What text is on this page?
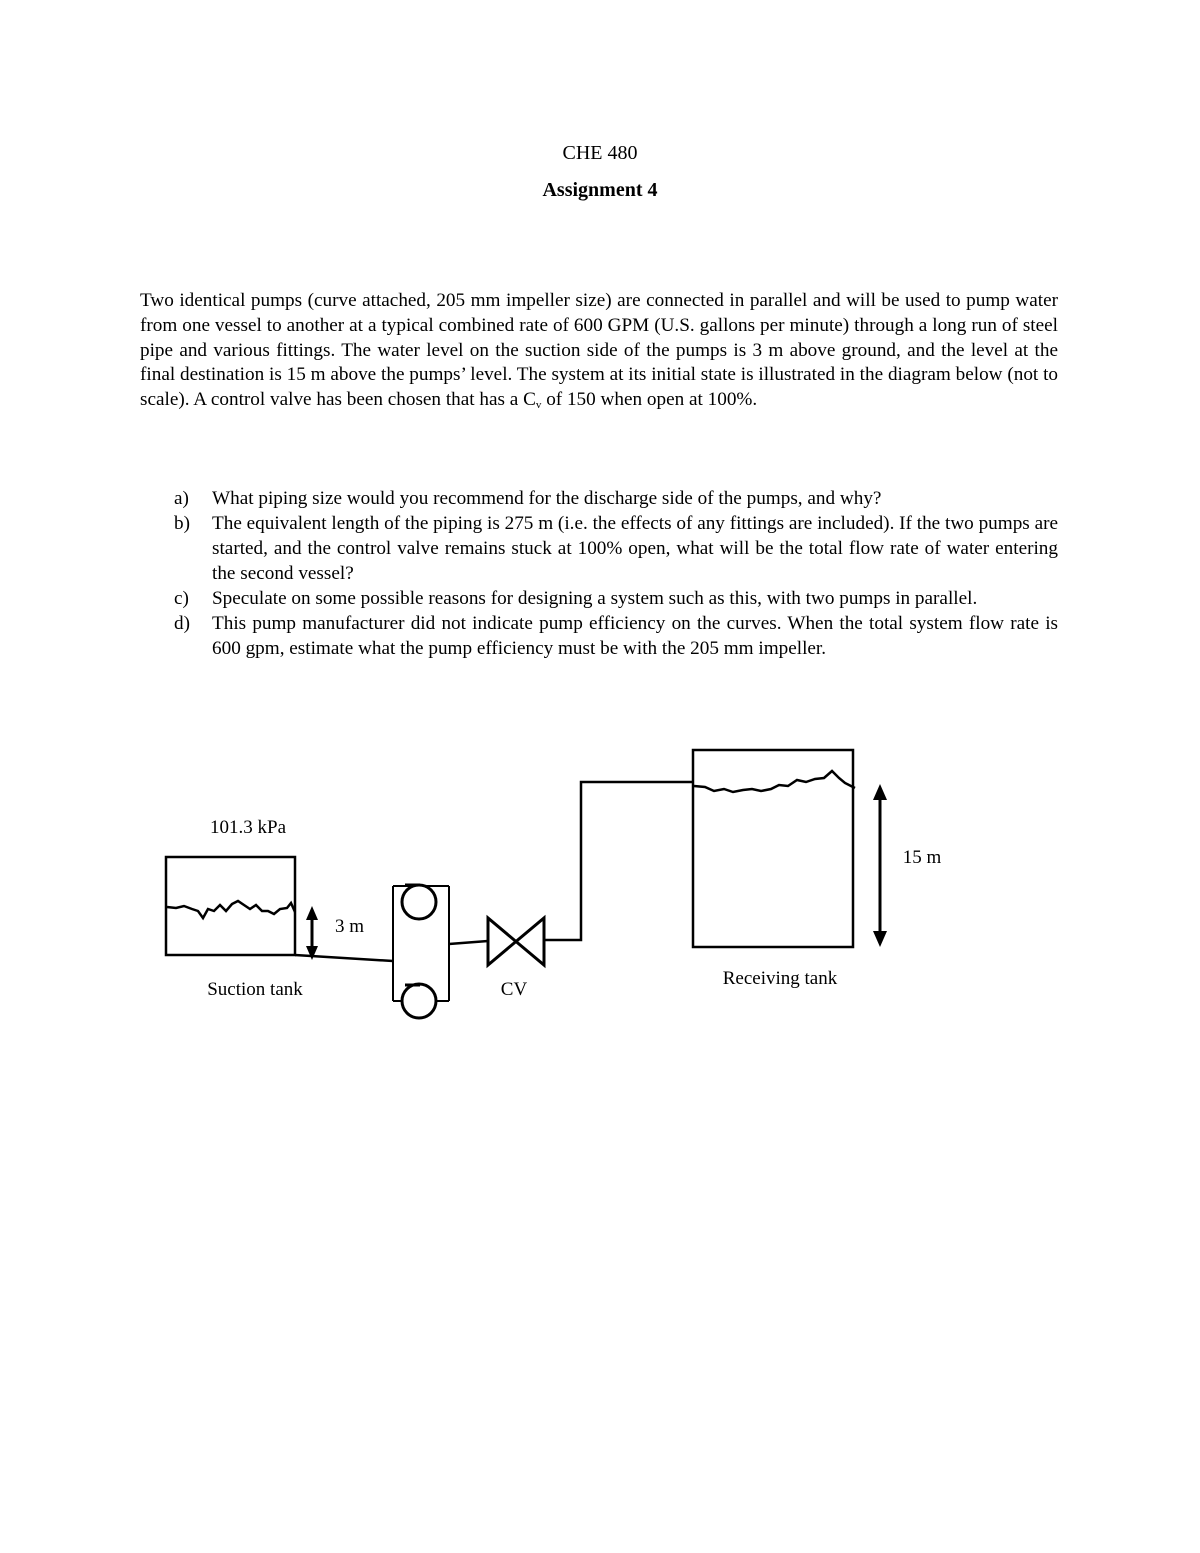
CHE 480
Assignment 4
Two identical pumps (curve attached, 205 mm impeller size) are connected in parallel and will be used to pump water from one vessel to another at a typical combined rate of 600 GPM (U.S. gallons per minute) through a long run of steel pipe and various fittings. The water level on the suction side of the pumps is 3 m above ground, and the level at the final destination is 15 m above the pumps’ level. The system at its initial state is illustrated in the diagram below (not to scale). A control valve has been chosen that has a $C_v$ of 150 when open at 100%.
a) What piping size would you recommend for the discharge side of the pumps, and why?
b) The equivalent length of the piping is 275 m (i.e. the effects of any fittings are included). If the two pumps are started, and the control valve remains stuck at 100% open, what will be the total flow rate of water entering the second vessel?
c) Speculate on some possible reasons for designing a system such as this, with two pumps in parallel.
d) This pump manufacturer did not indicate pump efficiency on the curves. When the total system flow rate is 600 gpm, estimate what the pump efficiency must be with the 205 mm impeller.
101.3 kPa
3 m
CV
Receiving tank
15 m
Suction tank
